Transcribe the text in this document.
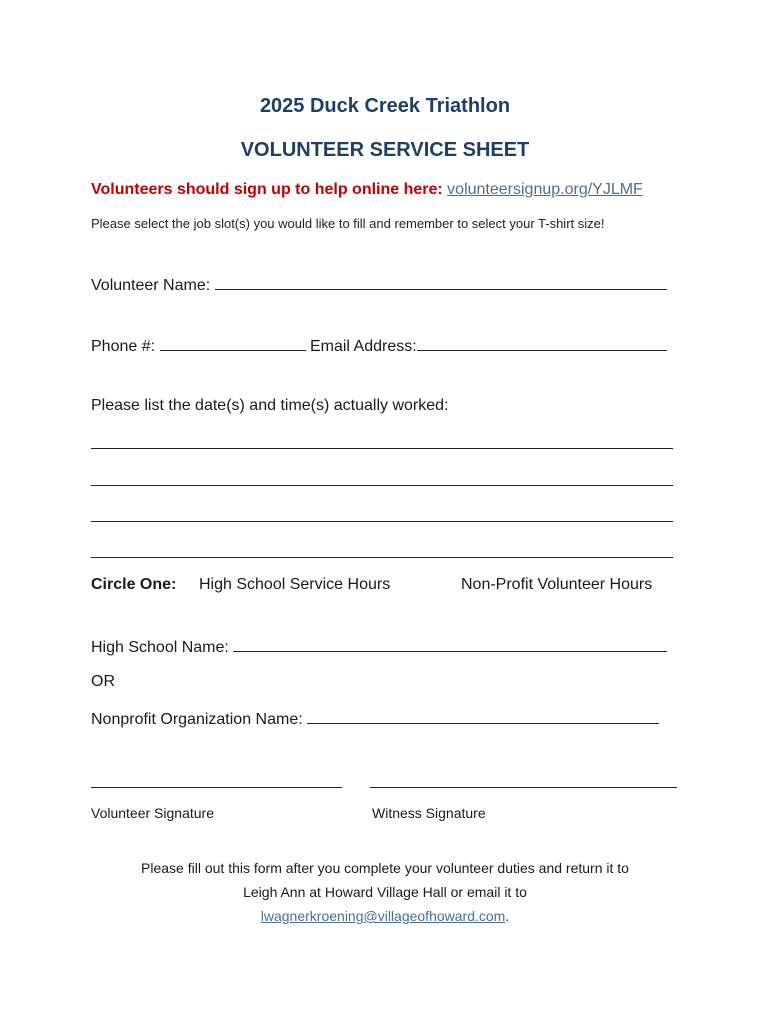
2025 Duck Creek Triathlon
VOLUNTEER SERVICE SHEET
Volunteers should sign up to help online here: volunteersignup.org/YJLMF
Please select the job slot(s) you would like to fill and remember to select your T-shirt size!
Volunteer Name:
Phone #:	Email Address:
Please list the date(s) and time(s) actually worked:
Circle One: High School Service Hours	Non-Profit Volunteer Hours
High School Name:
OR
Nonprofit Organization Name:
Volunteer Signature	Witness Signature
Please fill out this form after you complete your volunteer duties and return it to
Leigh Ann at Howard Village Hall or email it to
lwagnerkroening@villageofhoward.com.
